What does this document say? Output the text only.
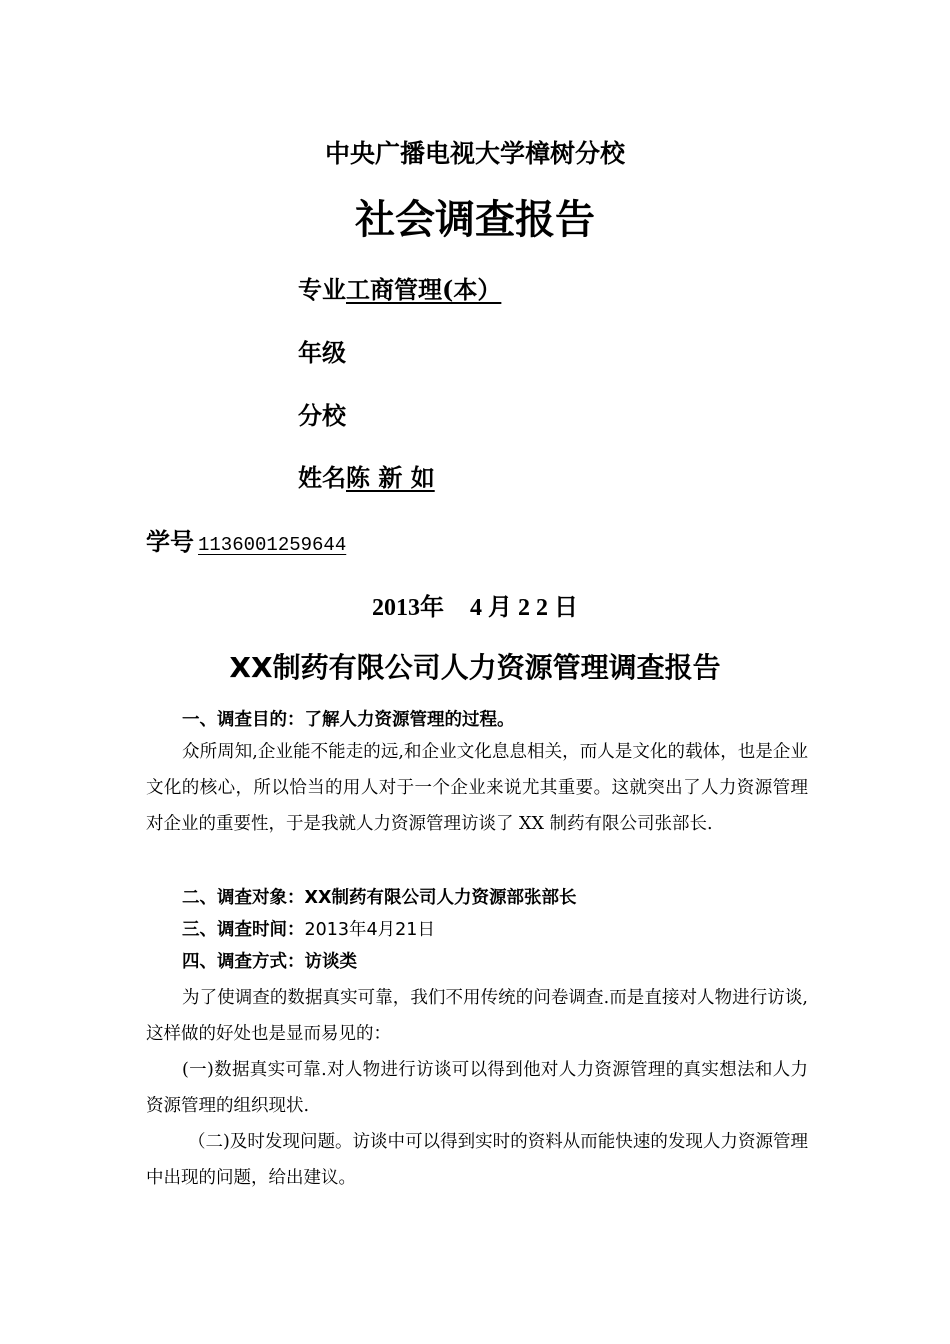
中央广播电视大学樟树分校
社会调查报告
专业工商管理(本）
年级
分校
姓名陈 新 如
学号 1136001259644
2013年 4 月 2 2 日
XX制药有限公司人力资源管理调查报告
一、调查目的：了解人力资源管理的过程。
众所周知,企业能不能走的远,和企业文化息息相关，而人是文化的载体，也是企业文化的核心，所以恰当的用人对于一个企业来说尤其重要。这就突出了人力资源管理对企业的重要性，于是我就人力资源管理访谈了 XX 制药有限公司张部长.
二、调查对象：XX制药有限公司人力资源部张部长
三、调查时间：2013年4月21日
四、调查方式：访谈类
为了使调查的数据真实可靠，我们不用传统的问卷调查.而是直接对人物进行访谈,这样做的好处也是显而易见的：
(一)数据真实可靠.对人物进行访谈可以得到他对人力资源管理的真实想法和人力资源管理的组织现状.
（二)及时发现问题。访谈中可以得到实时的资料从而能快速的发现人力资源管理中出现的问题，给出建议。
